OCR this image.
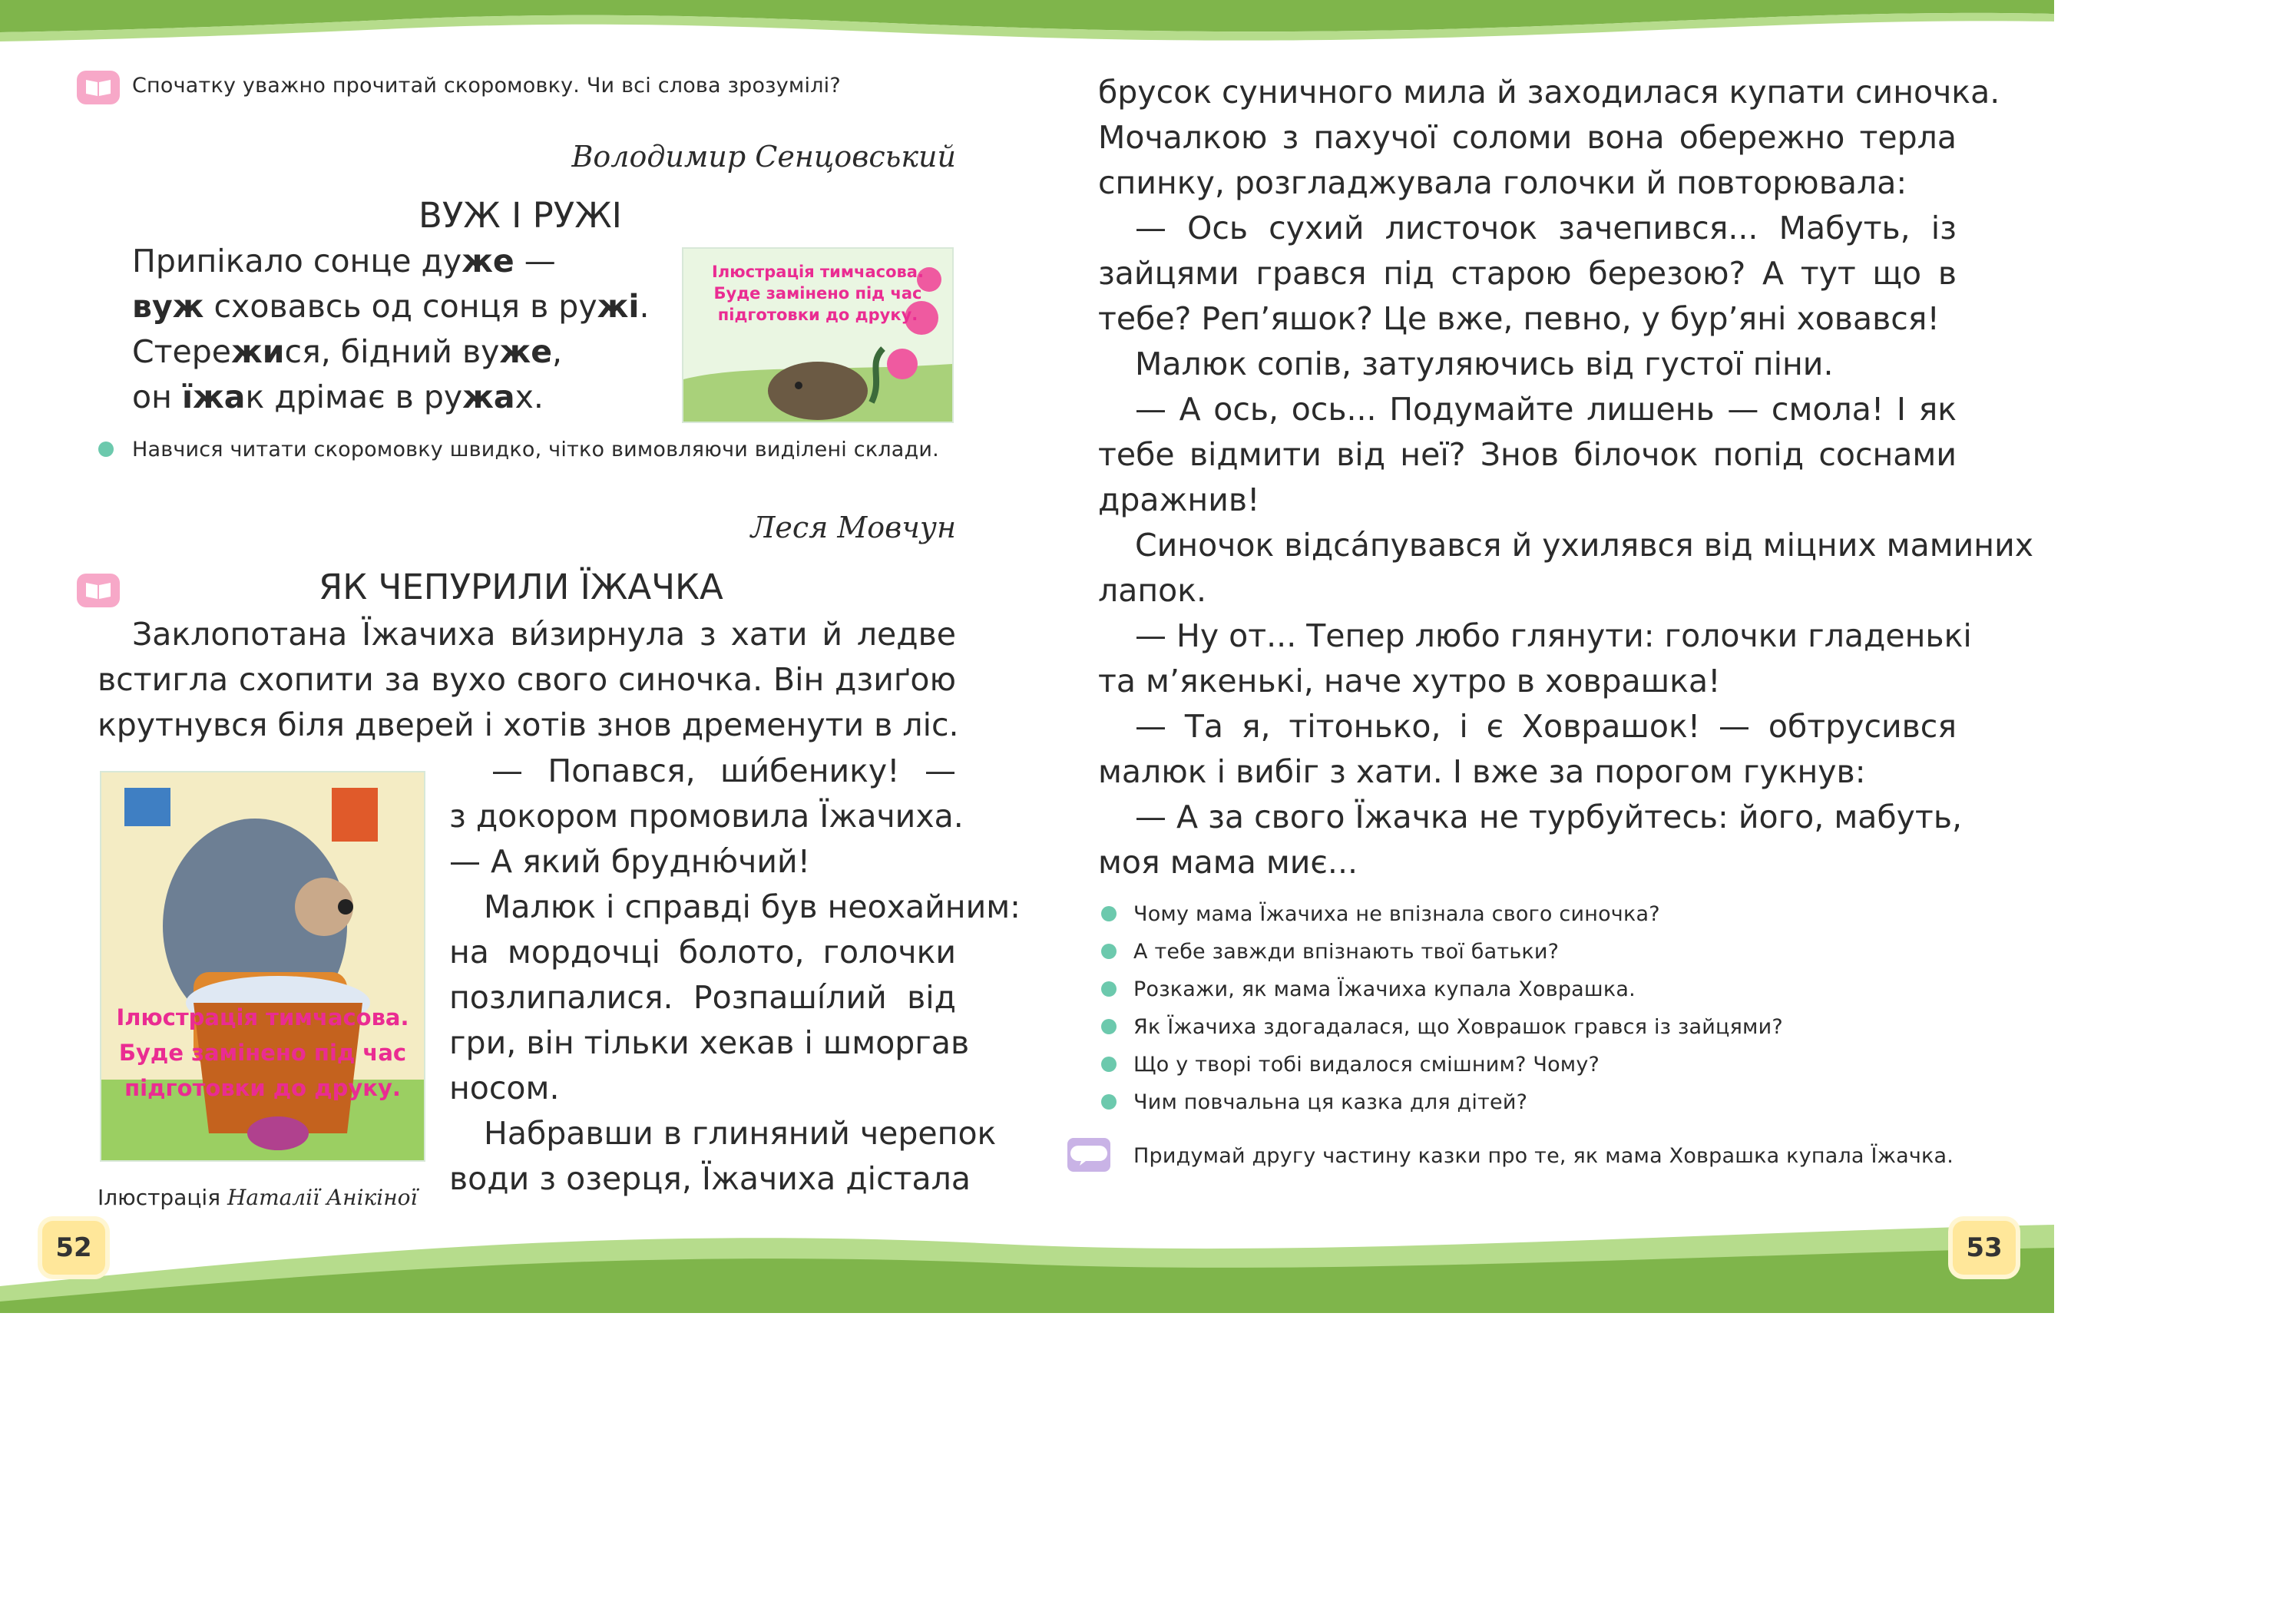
Спочатку уважно прочитай скоромовку. Чи всі слова зрозумілі?
Володимир Сенцовський
ВУЖ І РУЖІ
Припікало сонце дуже —
вуж сховавсь од сонця в ружі.
Стережися, бідний вуже,
он їжак дрімає в ружах.
Ілюстрація тимчасова.
Буде замінено під час
підготовки до друку.
Навчися читати скоромовку швидко, чітко вимовляючи виділені склади.
Леся Мовчун
ЯК ЧЕПУРИЛИ ЇЖАЧКА
Заклопотана Їжачиха ви́зирнула з хати й ледве
встигла схопити за вухо свого синочка. Він дзиґою
крутнувся біля дверей і хотів знов дременути в ліс.
Ілюстрація тимчасова.
Буде замінено під час
підготовки до друку.
— Попався, ши́бенику! —
з докором промовила Їжачиха.
— А який брудню́чий!
Малюк і справді був неохайним:
на мордочці болото, голочки
позлипалися. Розпаші́лий від
гри, він тільки хекав і шморгав
носом.
Набравши в глиняний черепок
води з озерця, Їжачиха дістала
Ілюстрація Наталії Анікіної
брусок суничного мила й заходилася купати синочка.
Мочалкою з пахучої соломи вона обережно терла
спинку, розгладжувала голочки й повторювала:
— Ось сухий листочок зачепився... Мабуть, із
зайцями грався під старою березою? А тут що в
тебе? Реп’яшок? Це вже, певно, у бур’яні ховався!
Малюк сопів, затуляючись від густої піни.
— А ось, ось... Подумайте лишень — смола! І як
тебе відмити від неї? Знов білочок попід соснами
дражнив!
Синочок відса́пувався й ухилявся від міцних маминих
лапок.
— Ну от... Тепер любо глянути: голочки гладенькі
та м’якенькі, наче хутро в ховрашка!
— Та я, тітонько, і є Ховрашок! — обтрусився
малюк і вибіг з хати. І вже за порогом гукнув:
— А за свого Їжачка не турбуйтесь: його, мабуть,
моя мама миє...
Чому мама Їжачиха не впізнала свого синочка?
А тебе завжди впізнають твої батьки?
Розкажи, як мама Їжачиха купала Ховрашка.
Як Їжачиха здогадалася, що Ховрашок грався із зайцями?
Що у творі тобі видалося смішним? Чому?
Чим повчальна ця казка для дітей?
Придумай другу частину казки про те, як мама Ховрашка купала Їжачка.
52	53
